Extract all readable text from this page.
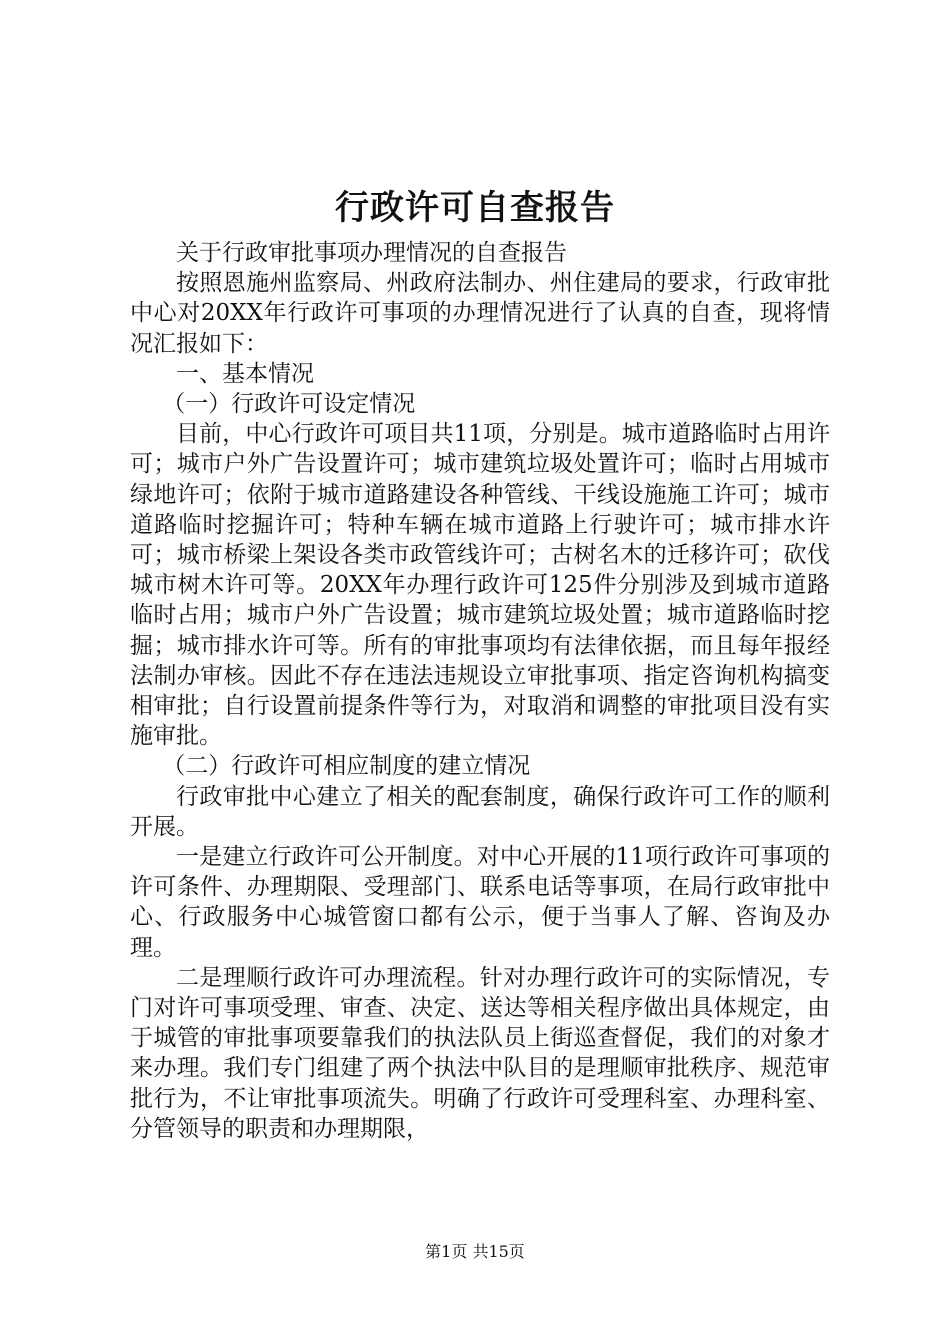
行政许可自查报告

关于行政审批事项办理情况的自查报告

按照恩施州监察局、州政府法制办、州住建局的要求，行政审批中心对20XX年行政许可事项的办理情况进行了认真的自查，现将情况汇报如下：

一、基本情况

（一）行政许可设定情况

目前，中心行政许可项目共11项，分别是。城市道路临时占用许可；城市户外广告设置许可；城市建筑垃圾处置许可；临时占用城市绿地许可；依附于城市道路建设各种管线、干线设施施工许可；城市道路临时挖掘许可；特种车辆在城市道路上行驶许可；城市排水许可；城市桥梁上架设各类市政管线许可；古树名木的迁移许可；砍伐城市树木许可等。20XX年办理行政许可125件分别涉及到城市道路临时占用；城市户外广告设置；城市建筑垃圾处置；城市道路临时挖掘；城市排水许可等。所有的审批事项均有法律依据，而且每年报经法制办审核。因此不存在违法违规设立审批事项、指定咨询机构搞变相审批；自行设置前提条件等行为，对取消和调整的审批项目没有实施审批。

（二）行政许可相应制度的建立情况

行政审批中心建立了相关的配套制度，确保行政许可工作的顺利开展。

一是建立行政许可公开制度。对中心开展的11项行政许可事项的许可条件、办理期限、受理部门、联系电话等事项，在局行政审批中心、行政服务中心城管窗口都有公示，便于当事人了解、咨询及办理。

二是理顺行政许可办理流程。针对办理行政许可的实际情况，专门对许可事项受理、审查、决定、送达等相关程序做出具体规定，由于城管的审批事项要靠我们的执法队员上街巡查督促，我们的对象才来办理。我们专门组建了两个执法中队目的是理顺审批秩序、规范审批行为，不让审批事项流失。明确了行政许可受理科室、办理科室、分管领导的职责和办理期限，

第1页 共15页
